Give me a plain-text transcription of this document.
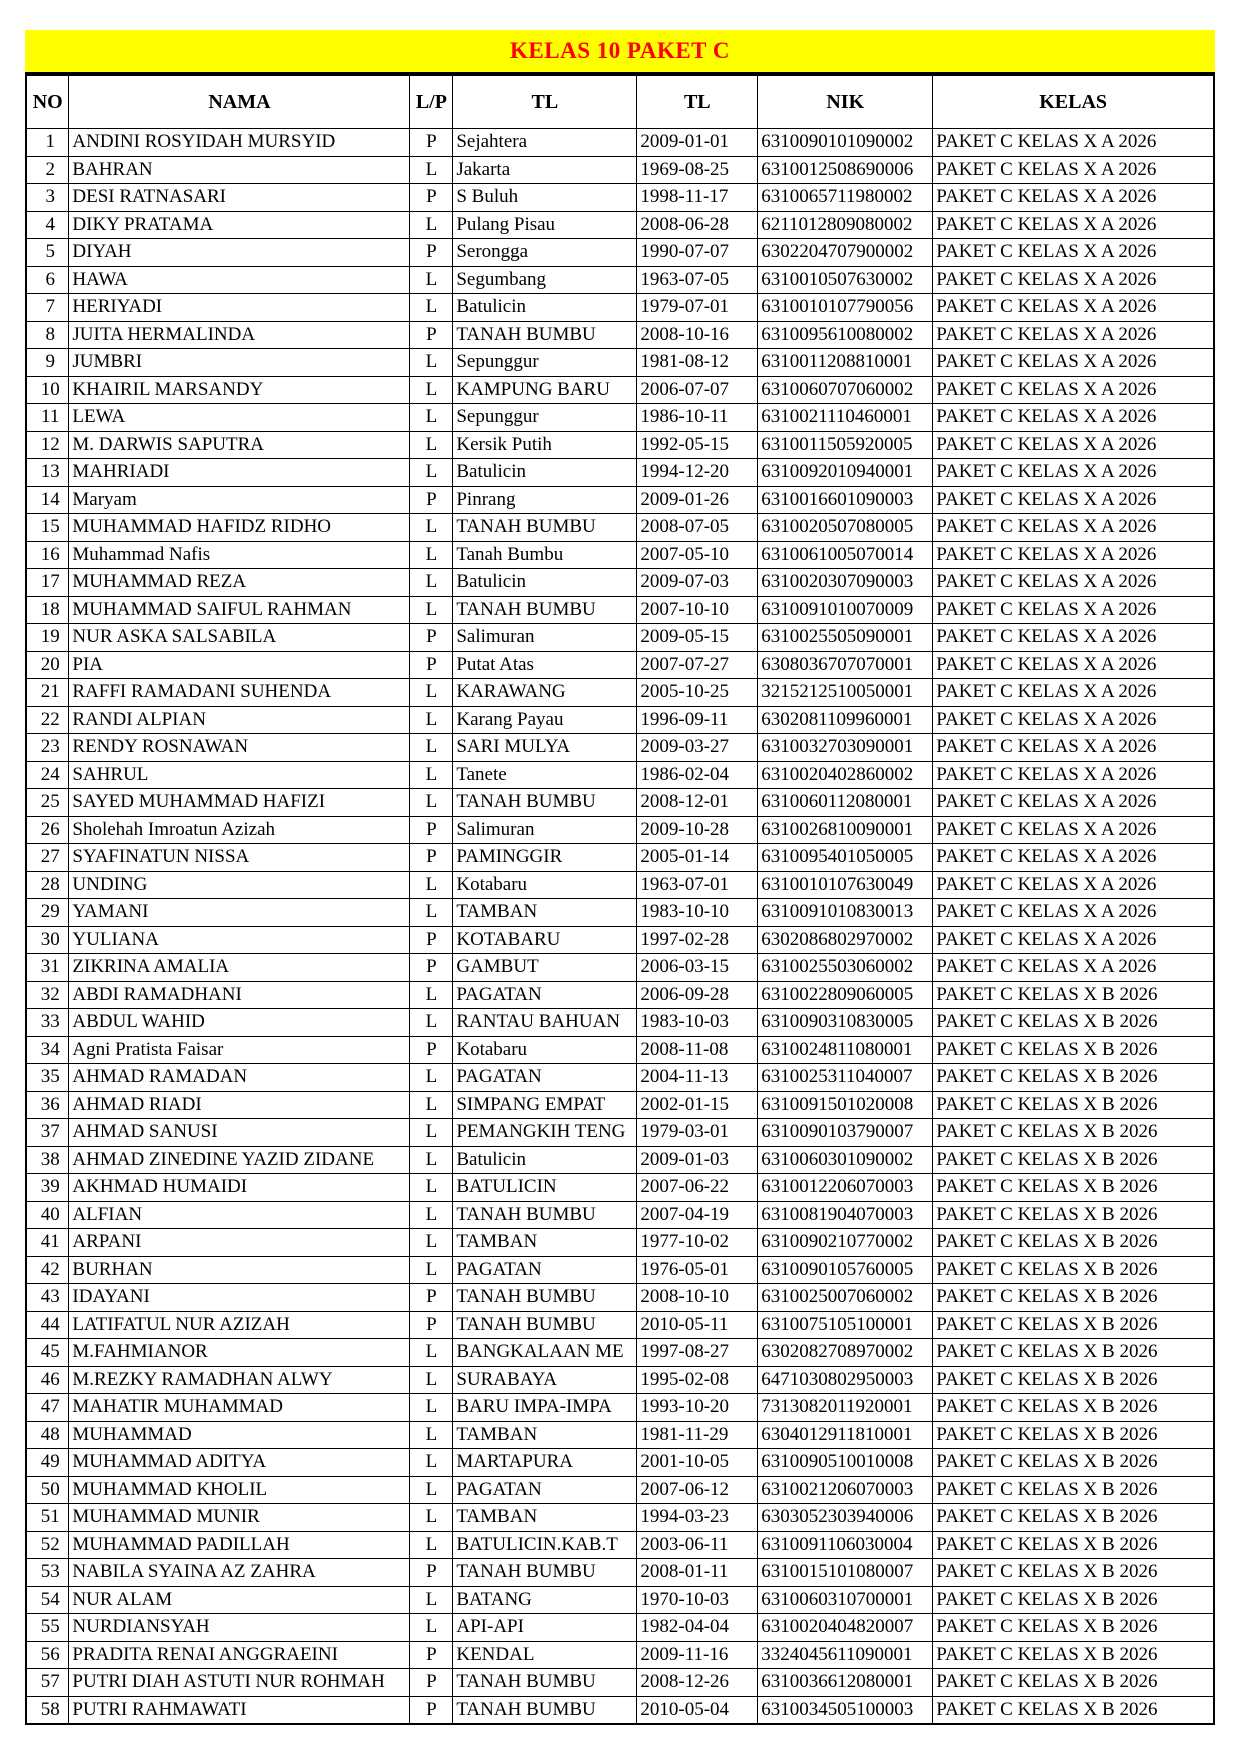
KELAS 10 PAKET C
NO	NAMA	L/P	TL	TL	NIK	KELAS
1	ANDINI ROSYIDAH MURSYID	P	Sejahtera	2009-01-01	6310090101090002	PAKET C KELAS X A 2026
2	BAHRAN	L	Jakarta	1969-08-25	6310012508690006	PAKET C KELAS X A 2026
3	DESI RATNASARI	P	S Buluh	1998-11-17	6310065711980002	PAKET C KELAS X A 2026
4	DIKY PRATAMA	L	Pulang Pisau	2008-06-28	6211012809080002	PAKET C KELAS X A 2026
5	DIYAH	P	Serongga	1990-07-07	6302204707900002	PAKET C KELAS X A 2026
6	HAWA	L	Segumbang	1963-07-05	6310010507630002	PAKET C KELAS X A 2026
7	HERIYADI	L	Batulicin	1979-07-01	6310010107790056	PAKET C KELAS X A 2026
8	JUITA HERMALINDA	P	TANAH BUMBU	2008-10-16	6310095610080002	PAKET C KELAS X A 2026
9	JUMBRI	L	Sepunggur	1981-08-12	6310011208810001	PAKET C KELAS X A 2026
10	KHAIRIL MARSANDY	L	KAMPUNG BARU	2006-07-07	6310060707060002	PAKET C KELAS X A 2026
11	LEWA	L	Sepunggur	1986-10-11	6310021110460001	PAKET C KELAS X A 2026
12	M. DARWIS SAPUTRA	L	Kersik Putih	1992-05-15	6310011505920005	PAKET C KELAS X A 2026
13	MAHRIADI	L	Batulicin	1994-12-20	6310092010940001	PAKET C KELAS X A 2026
14	Maryam	P	Pinrang	2009-01-26	6310016601090003	PAKET C KELAS X A 2026
15	MUHAMMAD HAFIDZ RIDHO	L	TANAH BUMBU	2008-07-05	6310020507080005	PAKET C KELAS X A 2026
16	Muhammad Nafis	L	Tanah Bumbu	2007-05-10	6310061005070014	PAKET C KELAS X A 2026
17	MUHAMMAD REZA	L	Batulicin	2009-07-03	6310020307090003	PAKET C KELAS X A 2026
18	MUHAMMAD SAIFUL RAHMAN	L	TANAH BUMBU	2007-10-10	6310091010070009	PAKET C KELAS X A 2026
19	NUR ASKA SALSABILA	P	Salimuran	2009-05-15	6310025505090001	PAKET C KELAS X A 2026
20	PIA	P	Putat Atas	2007-07-27	6308036707070001	PAKET C KELAS X A 2026
21	RAFFI RAMADANI SUHENDA	L	KARAWANG	2005-10-25	3215212510050001	PAKET C KELAS X A 2026
22	RANDI ALPIAN	L	Karang Payau	1996-09-11	6302081109960001	PAKET C KELAS X A 2026
23	RENDY ROSNAWAN	L	SARI MULYA	2009-03-27	6310032703090001	PAKET C KELAS X A 2026
24	SAHRUL	L	Tanete	1986-02-04	6310020402860002	PAKET C KELAS X A 2026
25	SAYED MUHAMMAD HAFIZI	L	TANAH BUMBU	2008-12-01	6310060112080001	PAKET C KELAS X A 2026
26	Sholehah Imroatun Azizah	P	Salimuran	2009-10-28	6310026810090001	PAKET C KELAS X A 2026
27	SYAFINATUN NISSA	P	PAMINGGIR	2005-01-14	6310095401050005	PAKET C KELAS X A 2026
28	UNDING	L	Kotabaru	1963-07-01	6310010107630049	PAKET C KELAS X A 2026
29	YAMANI	L	TAMBAN	1983-10-10	6310091010830013	PAKET C KELAS X A 2026
30	YULIANA	P	KOTABARU	1997-02-28	6302086802970002	PAKET C KELAS X A 2026
31	ZIKRINA AMALIA	P	GAMBUT	2006-03-15	6310025503060002	PAKET C KELAS X A 2026
32	ABDI RAMADHANI	L	PAGATAN	2006-09-28	6310022809060005	PAKET C KELAS X B 2026
33	ABDUL WAHID	L	RANTAU BAHUAN	1983-10-03	6310090310830005	PAKET C KELAS X B 2026
34	Agni Pratista Faisar	P	Kotabaru	2008-11-08	6310024811080001	PAKET C KELAS X B 2026
35	AHMAD RAMADAN	L	PAGATAN	2004-11-13	6310025311040007	PAKET C KELAS X B 2026
36	AHMAD RIADI	L	SIMPANG EMPAT	2002-01-15	6310091501020008	PAKET C KELAS X B 2026
37	AHMAD SANUSI	L	PEMANGKIH TENG	1979-03-01	6310090103790007	PAKET C KELAS X B 2026
38	AHMAD ZINEDINE YAZID ZIDANE	L	Batulicin	2009-01-03	6310060301090002	PAKET C KELAS X B 2026
39	AKHMAD HUMAIDI	L	BATULICIN	2007-06-22	6310012206070003	PAKET C KELAS X B 2026
40	ALFIAN	L	TANAH BUMBU	2007-04-19	6310081904070003	PAKET C KELAS X B 2026
41	ARPANI	L	TAMBAN	1977-10-02	6310090210770002	PAKET C KELAS X B 2026
42	BURHAN	L	PAGATAN	1976-05-01	6310090105760005	PAKET C KELAS X B 2026
43	IDAYANI	P	TANAH BUMBU	2008-10-10	6310025007060002	PAKET C KELAS X B 2026
44	LATIFATUL NUR AZIZAH	P	TANAH BUMBU	2010-05-11	6310075105100001	PAKET C KELAS X B 2026
45	M.FAHMIANOR	L	BANGKALAAN ME	1997-08-27	6302082708970002	PAKET C KELAS X B 2026
46	M.REZKY RAMADHAN ALWY	L	SURABAYA	1995-02-08	6471030802950003	PAKET C KELAS X B 2026
47	MAHATIR MUHAMMAD	L	BARU IMPA-IMPA	1993-10-20	7313082011920001	PAKET C KELAS X B 2026
48	MUHAMMAD	L	TAMBAN	1981-11-29	6304012911810001	PAKET C KELAS X B 2026
49	MUHAMMAD ADITYA	L	MARTAPURA	2001-10-05	6310090510010008	PAKET C KELAS X B 2026
50	MUHAMMAD KHOLIL	L	PAGATAN	2007-06-12	6310021206070003	PAKET C KELAS X B 2026
51	MUHAMMAD MUNIR	L	TAMBAN	1994-03-23	6303052303940006	PAKET C KELAS X B 2026
52	MUHAMMAD PADILLAH	L	BATULICIN.KAB.T	2003-06-11	6310091106030004	PAKET C KELAS X B 2026
53	NABILA SYAINA AZ ZAHRA	P	TANAH BUMBU	2008-01-11	6310015101080007	PAKET C KELAS X B 2026
54	NUR ALAM	L	BATANG	1970-10-03	6310060310700001	PAKET C KELAS X B 2026
55	NURDIANSYAH	L	API-API	1982-04-04	6310020404820007	PAKET C KELAS X B 2026
56	PRADITA RENAI ANGGRAEINI	P	KENDAL	2009-11-16	3324045611090001	PAKET C KELAS X B 2026
57	PUTRI DIAH ASTUTI NUR ROHMAH	P	TANAH BUMBU	2008-12-26	6310036612080001	PAKET C KELAS X B 2026
58	PUTRI RAHMAWATI	P	TANAH BUMBU	2010-05-04	6310034505100003	PAKET C KELAS X B 2026
